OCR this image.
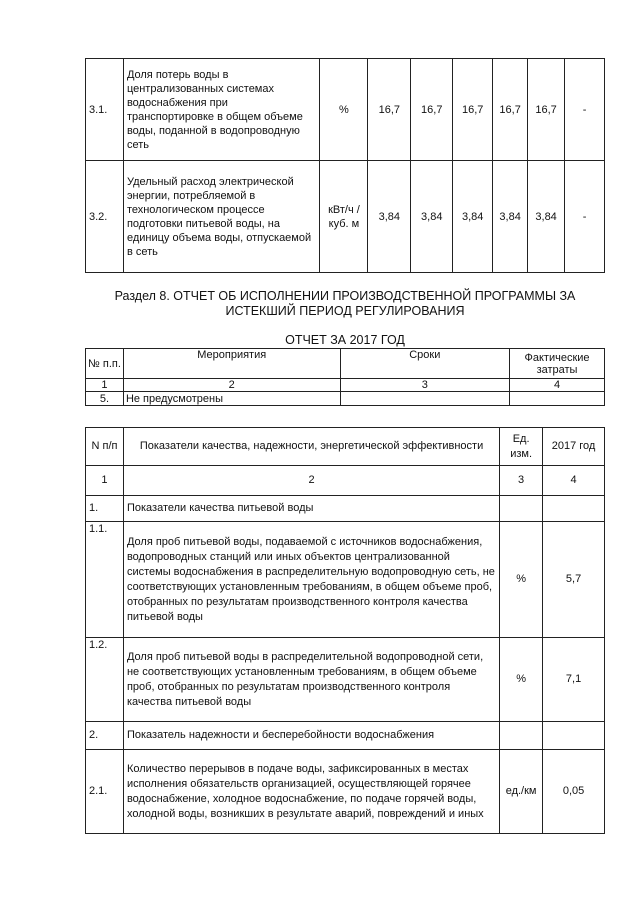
3.1.	Доля потерь воды в централизованных системах водоснабжения при транспортировке в общем объеме воды, поданной в водопроводную сеть	%	16,7	16,7	16,7	16,7	16,7	-
3.2.	Удельный расход электрической энергии, потребляемой в технологическом процессе подготовки питьевой воды, на единицу объема воды, отпускаемой в сеть	кВт/ч /куб. м	3,84	3,84	3,84	3,84	3,84	-
Раздел 8. ОТЧЕТ ОБ ИСПОЛНЕНИИ ПРОИЗВОДСТВЕННОЙ ПРОГРАММЫ ЗА ИСТЕКШИЙ ПЕРИОД РЕГУЛИРОВАНИЯ
ОТЧЕТ ЗА 2017 ГОД
№ п.п.	Мероприятия	Сроки	Фактические затраты
1	2	3	4
5.	Не предусмотрены		
N п/п	Показатели качества, надежности, энергетической эффективности	Ед. изм.	2017 год
1	2	3	4
1.	Показатели качества питьевой воды		
1.1.	Доля проб питьевой воды, подаваемой с источников водоснабжения, водопроводных станций или иных объектов централизованной системы водоснабжения в распределительную водопроводную сеть, не соответствующих установленным требованиям, в общем объеме проб, отобранных по результатам производственного контроля качества питьевой воды	%	5,7
1.2.	Доля проб питьевой воды в распределительной водопроводной сети, не соответствующих установленным требованиям, в общем объеме проб, отобранных по результатам производственного контроля качества питьевой воды	%	7,1
2.	Показатель надежности и бесперебойности водоснабжения		
2.1.	Количество перерывов в подаче воды, зафиксированных в местах исполнения обязательств организацией, осуществляющей горячее водоснабжение, холодное водоснабжение, по подаче горячей воды, холодной воды, возникших в результате аварий, повреждений и иных	ед./км	0,05
